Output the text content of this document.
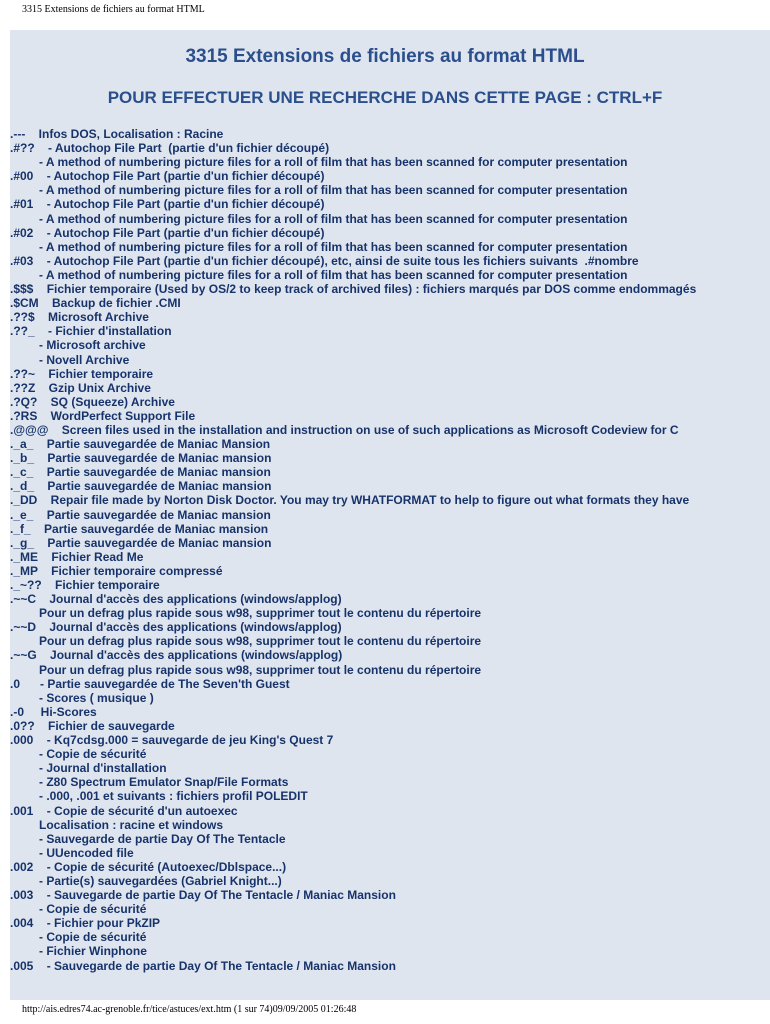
3315 Extensions de fichiers au format HTML
3315 Extensions de fichiers au format HTML
POUR EFFECTUER UNE RECHERCHE DANS CETTE PAGE : CTRL+F
.---    Infos DOS, Localisation : Racine
.#??    - Autochop File Part  (partie d'un fichier découpé)
- A method of numbering picture files for a roll of film that has been scanned for computer presentation
.#00    - Autochop File Part (partie d'un fichier découpé)
- A method of numbering picture files for a roll of film that has been scanned for computer presentation
.#01    - Autochop File Part (partie d'un fichier découpé)
- A method of numbering picture files for a roll of film that has been scanned for computer presentation
.#02    - Autochop File Part (partie d'un fichier découpé)
- A method of numbering picture files for a roll of film that has been scanned for computer presentation
.#03    - Autochop File Part (partie d'un fichier découpé), etc, ainsi de suite tous les fichiers suivants  .#nombre
- A method of numbering picture files for a roll of film that has been scanned for computer presentation
.$$$    Fichier temporaire (Used by OS/2 to keep track of archived files) : fichiers marqués par DOS comme endommagés
.$CM    Backup de fichier .CMI
.??$    Microsoft Archive
.??_    - Fichier d'installation
- Microsoft archive
- Novell Archive
.??~    Fichier temporaire
.??Z    Gzip Unix Archive
.?Q?    SQ (Squeeze) Archive
.?RS    WordPerfect Support File
.@@@    Screen files used in the installation and instruction on use of such applications as Microsoft Codeview for C
._a_    Partie sauvegardée de Maniac Mansion
._b_    Partie sauvegardée de Maniac mansion
._c_    Partie sauvegardée de Maniac mansion
._d_    Partie sauvegardée de Maniac mansion
._DD    Repair file made by Norton Disk Doctor. You may try WHATFORMAT to help to figure out what formats they have
._e_    Partie sauvegardée de Maniac mansion
._f_    Partie sauvegardée de Maniac mansion
._g_    Partie sauvegardée de Maniac mansion
._ME    Fichier Read Me
._MP    Fichier temporaire compressé
._~??    Fichier temporaire
.~~C    Journal d'accès des applications (windows/applog)
Pour un defrag plus rapide sous w98, supprimer tout le contenu du répertoire
.~~D    Journal d'accès des applications (windows/applog)
Pour un defrag plus rapide sous w98, supprimer tout le contenu du répertoire
.~~G    Journal d'accès des applications (windows/applog)
Pour un defrag plus rapide sous w98, supprimer tout le contenu du répertoire
.0      - Partie sauvegardée de The Seven'th Guest
- Scores ( musique )
.-0     Hi-Scores
.0??    Fichier de sauvegarde
.000    - Kq7cdsg.000 = sauvegarde de jeu King's Quest 7
- Copie de sécurité
- Journal d'installation
- Z80 Spectrum Emulator Snap/File Formats
- .000, .001 et suivants : fichiers profil POLEDIT
.001    - Copie de sécurité d'un autoexec
Localisation : racine et windows
- Sauvegarde de partie Day Of The Tentacle
- UUencoded file
.002    - Copie de sécurité (Autoexec/Dblspace...)
- Partie(s) sauvegardées (Gabriel Knight...)
.003    - Sauvegarde de partie Day Of The Tentacle / Maniac Mansion
- Copie de sécurité
.004    - Fichier pour PkZIP
- Copie de sécurité
- Fichier Winphone
.005    - Sauvegarde de partie Day Of The Tentacle / Maniac Mansion
http://ais.edres74.ac-grenoble.fr/tice/astuces/ext.htm (1 sur 74)09/09/2005 01:26:48
